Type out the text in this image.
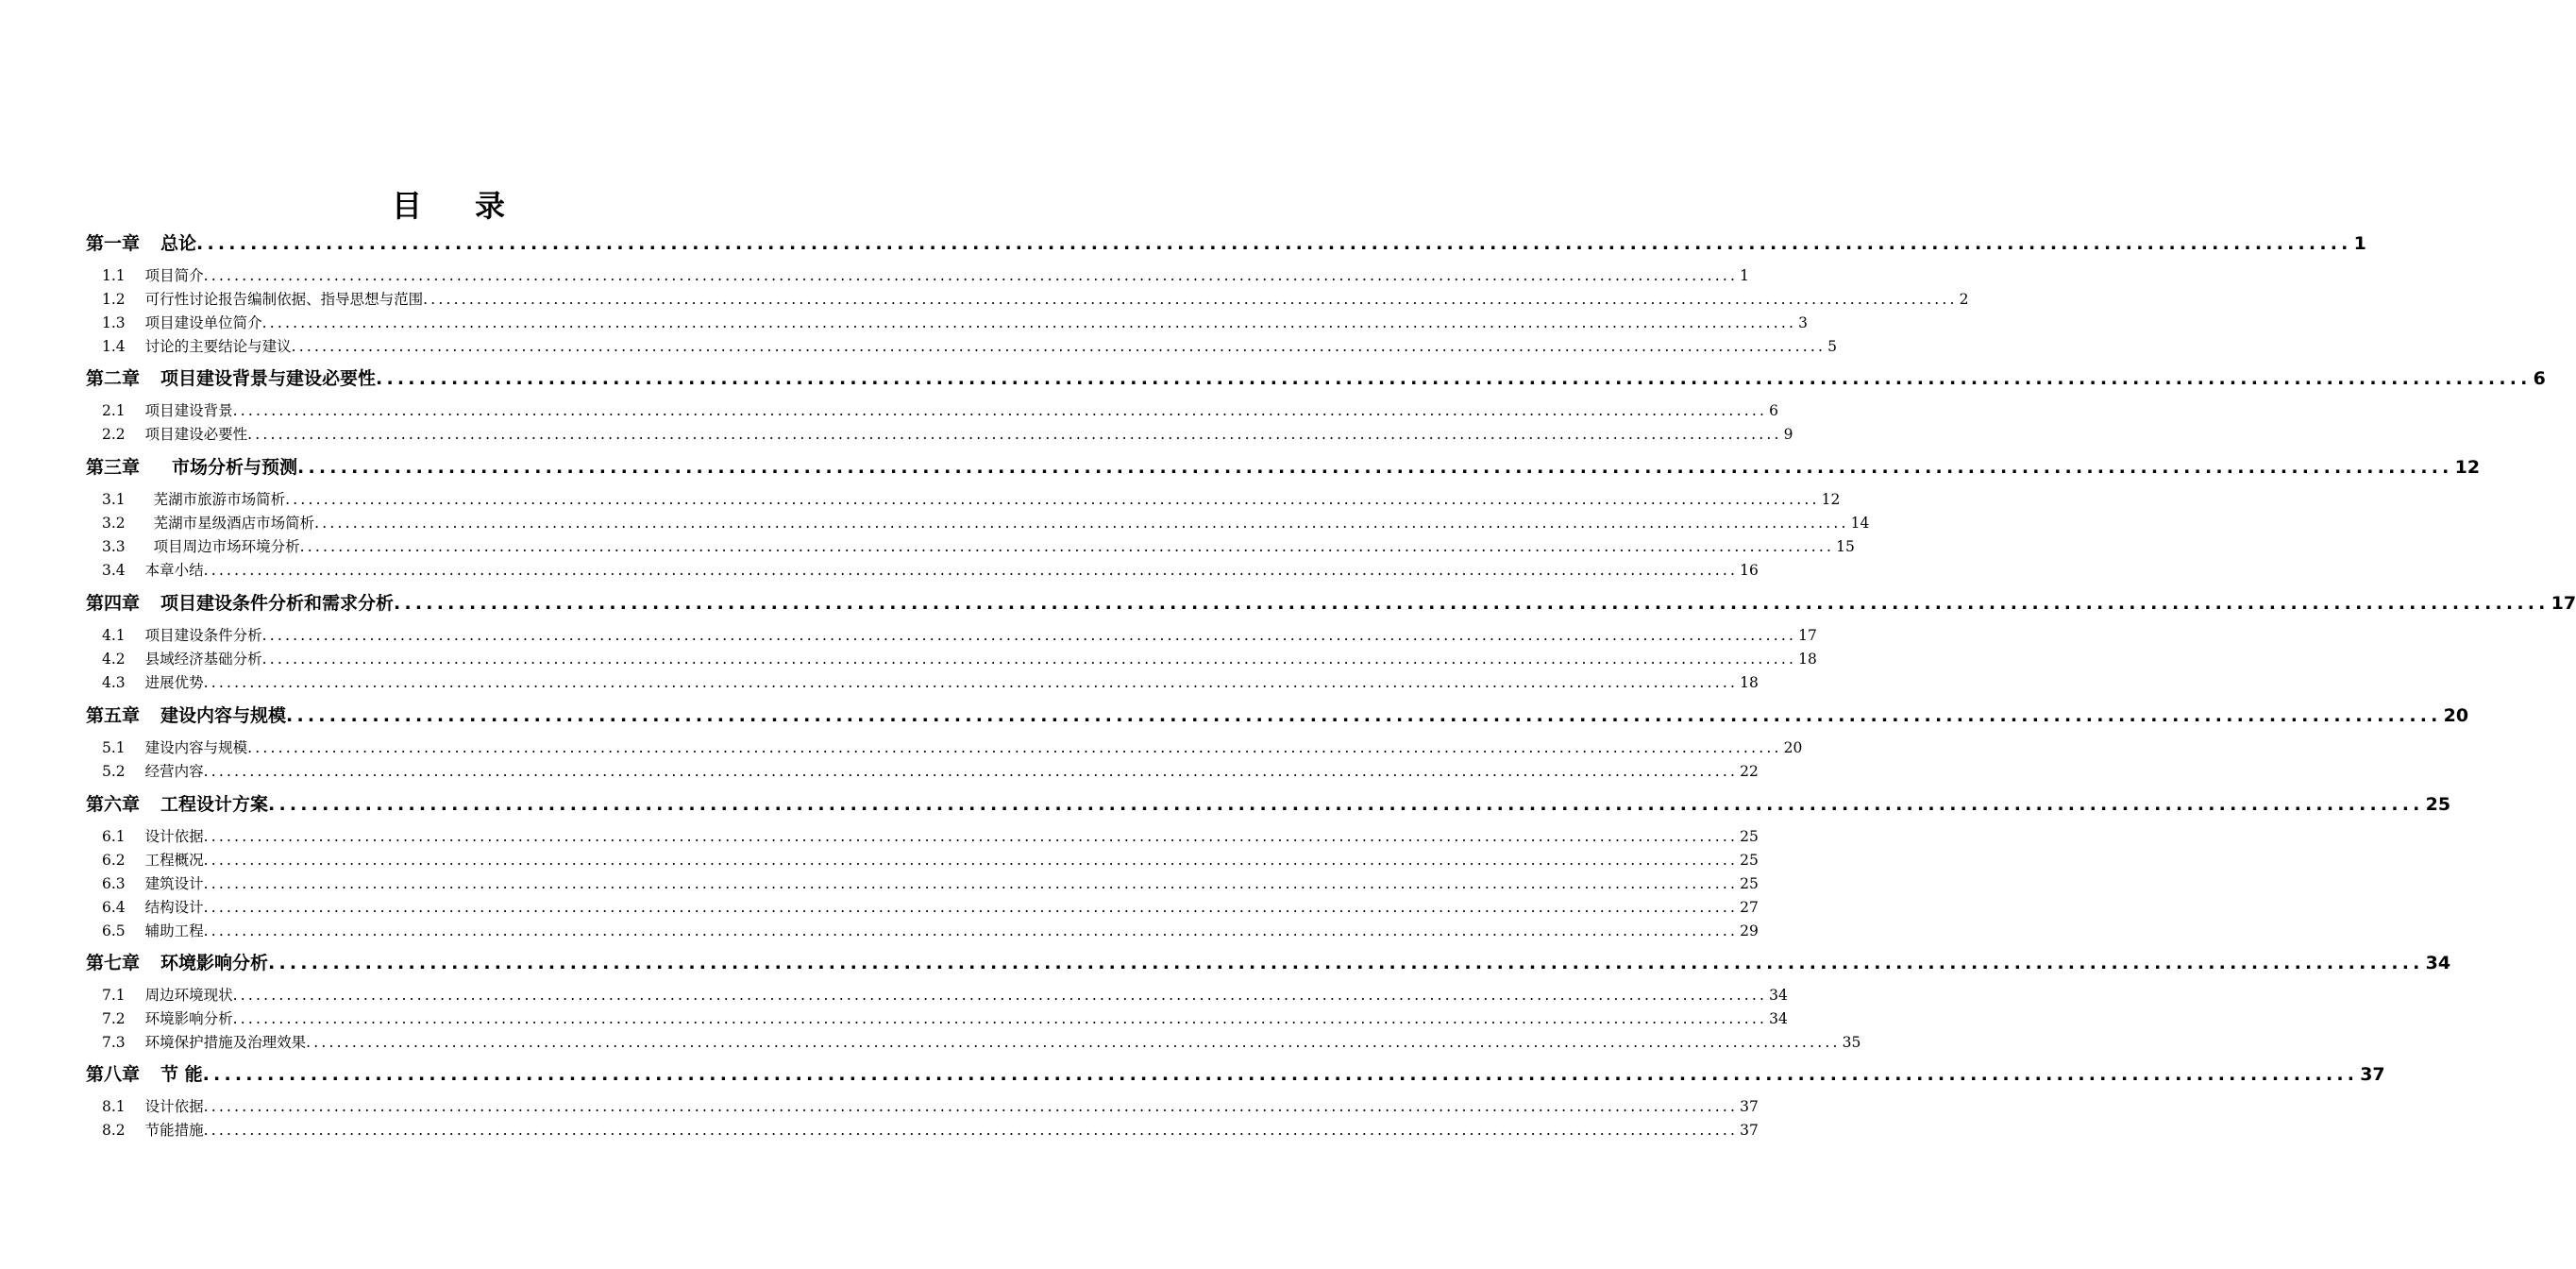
目 录
第一章 总论 ........................................................................................................................................................................................................ 1
1.1 项目简介 ........................................................................................................................................................................................................ 1
1.2 可行性讨论报告编制依据、指导思想与范围 ........................................................................................................................................................................................................ 2
1.3 项目建设单位简介 ........................................................................................................................................................................................................ 3
1.4 讨论的主要结论与建议 ........................................................................................................................................................................................................ 5
第二章 项目建设背景与建设必要性 ........................................................................................................................................................................................................ 6
2.1 项目建设背景 ........................................................................................................................................................................................................ 6
2.2 项目建设必要性 ........................................................................................................................................................................................................ 9
第三章 市场分析与预测 ........................................................................................................................................................................................................ 12
3.1 芜湖市旅游市场简析 ........................................................................................................................................................................................................ 12
3.2 芜湖市星级酒店市场简析 ........................................................................................................................................................................................................ 14
3.3 项目周边市场环境分析 ........................................................................................................................................................................................................ 15
3.4 本章小结 ........................................................................................................................................................................................................ 16
第四章 项目建设条件分析和需求分析 ........................................................................................................................................................................................................ 17
4.1 项目建设条件分析 ........................................................................................................................................................................................................ 17
4.2 县域经济基础分析 ........................................................................................................................................................................................................ 18
4.3 进展优势 ........................................................................................................................................................................................................ 18
第五章 建设内容与规模 ........................................................................................................................................................................................................ 20
5.1 建设内容与规模 ........................................................................................................................................................................................................ 20
5.2 经营内容 ........................................................................................................................................................................................................ 22
第六章 工程设计方案 ........................................................................................................................................................................................................ 25
6.1 设计依据 ........................................................................................................................................................................................................ 25
6.2 工程概况 ........................................................................................................................................................................................................ 25
6.3 建筑设计 ........................................................................................................................................................................................................ 25
6.4 结构设计 ........................................................................................................................................................................................................ 27
6.5 辅助工程 ........................................................................................................................................................................................................ 29
第七章 环境影响分析 ........................................................................................................................................................................................................ 34
7.1 周边环境现状 ........................................................................................................................................................................................................ 34
7.2 环境影响分析 ........................................................................................................................................................................................................ 34
7.3 环境保护措施及治理效果 ........................................................................................................................................................................................................ 35
第八章 节 能 ........................................................................................................................................................................................................ 37
8.1 设计依据 ........................................................................................................................................................................................................ 37
8.2 节能措施 ........................................................................................................................................................................................................ 37
